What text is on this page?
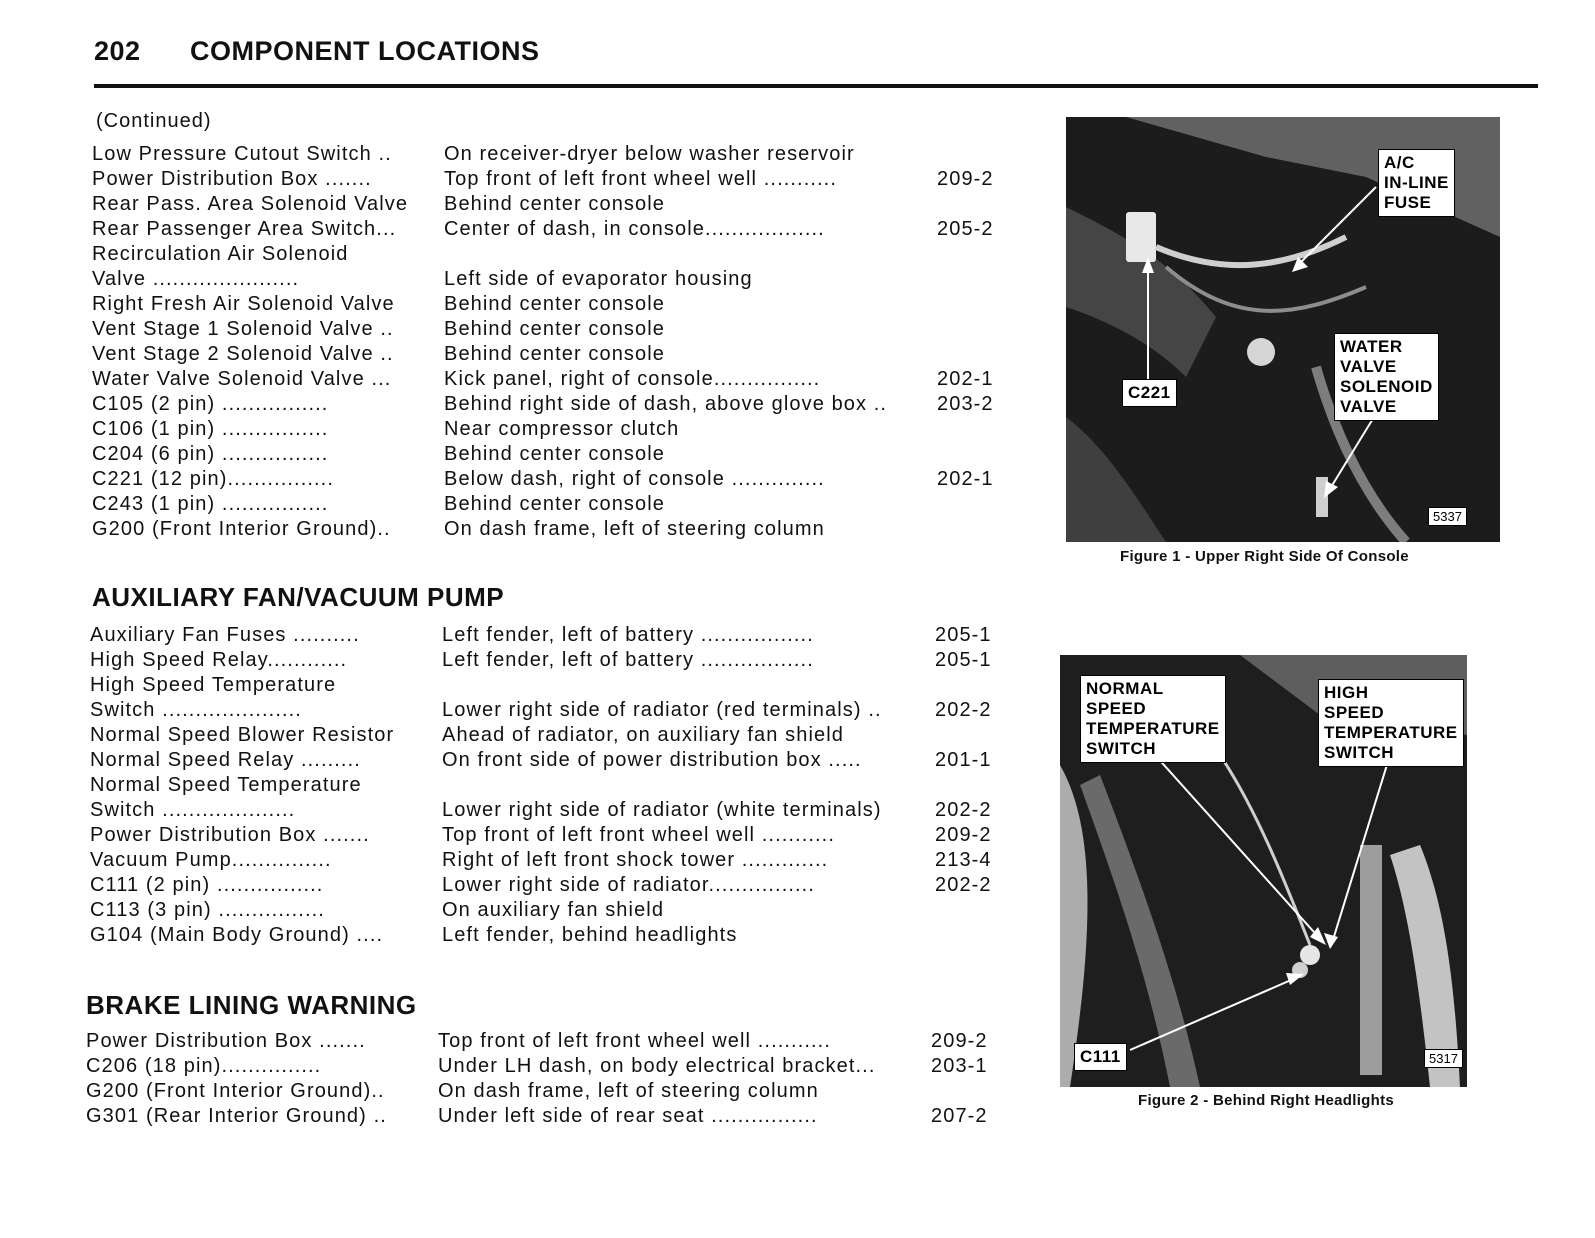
202 COMPONENT LOCATIONS
(Continued)
Low Pressure Cutout Switch ..	On receiver-dryer below washer reservoir
Power Distribution Box .......	Top front of left front wheel well ...........	209-2
Rear Pass. Area Solenoid Valve	Behind center console
Rear Passenger Area Switch...	Center of dash, in console..................	205-2
Recirculation Air Solenoid
Valve ......................	Left side of evaporator housing
Right Fresh Air Solenoid Valve	Behind center console
Vent Stage 1 Solenoid Valve ..	Behind center console
Vent Stage 2 Solenoid Valve ..	Behind center console
Water Valve Solenoid Valve ...	Kick panel, right of console................	202-1
C105 (2 pin) ................	Behind right side of dash, above glove box ..	203-2
C106 (1 pin) ................	Near compressor clutch
C204 (6 pin) ................	Behind center console
C221 (12 pin)................	Below dash, right of console ..............	202-1
C243 (1 pin) ................	Behind center console
G200 (Front Interior Ground)..	On dash frame, left of steering column
AUXILIARY FAN/VACUUM PUMP
Auxiliary Fan Fuses ..........	Left fender, left of battery .................	205-1
High Speed Relay............	Left fender, left of battery .................	205-1
High Speed Temperature
Switch .....................	Lower right side of radiator (red terminals) ..	202-2
Normal Speed Blower Resistor	Ahead of radiator, on auxiliary fan shield
Normal Speed Relay .........	On front side of power distribution box .....	201-1
Normal Speed Temperature
Switch ....................	Lower right side of radiator (white terminals)	202-2
Power Distribution Box .......	Top front of left front wheel well ...........	209-2
Vacuum Pump...............	Right of left front shock tower .............	213-4
C111 (2 pin) ................	Lower right side of radiator................	202-2
C113 (3 pin) ................	On auxiliary fan shield
G104 (Main Body Ground) ....	Left fender, behind headlights
BRAKE LINING WARNING
Power Distribution Box .......	Top front of left front wheel well ...........	209-2
C206 (18 pin)...............	Under LH dash, on body electrical bracket...	203-1
G200 (Front Interior Ground)..	On dash frame, left of steering column
G301 (Rear Interior Ground) ..	Under left side of rear seat ................	207-2
A/C
IN-LINE
FUSE
C221
WATER
VALVE
SOLENOID
VALVE
5337
Figure 1 - Upper Right Side Of Console
NORMAL
SPEED
TEMPERATURE
SWITCH
HIGH
SPEED
TEMPERATURE
SWITCH
C111	5317
Figure 2 - Behind Right Headlights
